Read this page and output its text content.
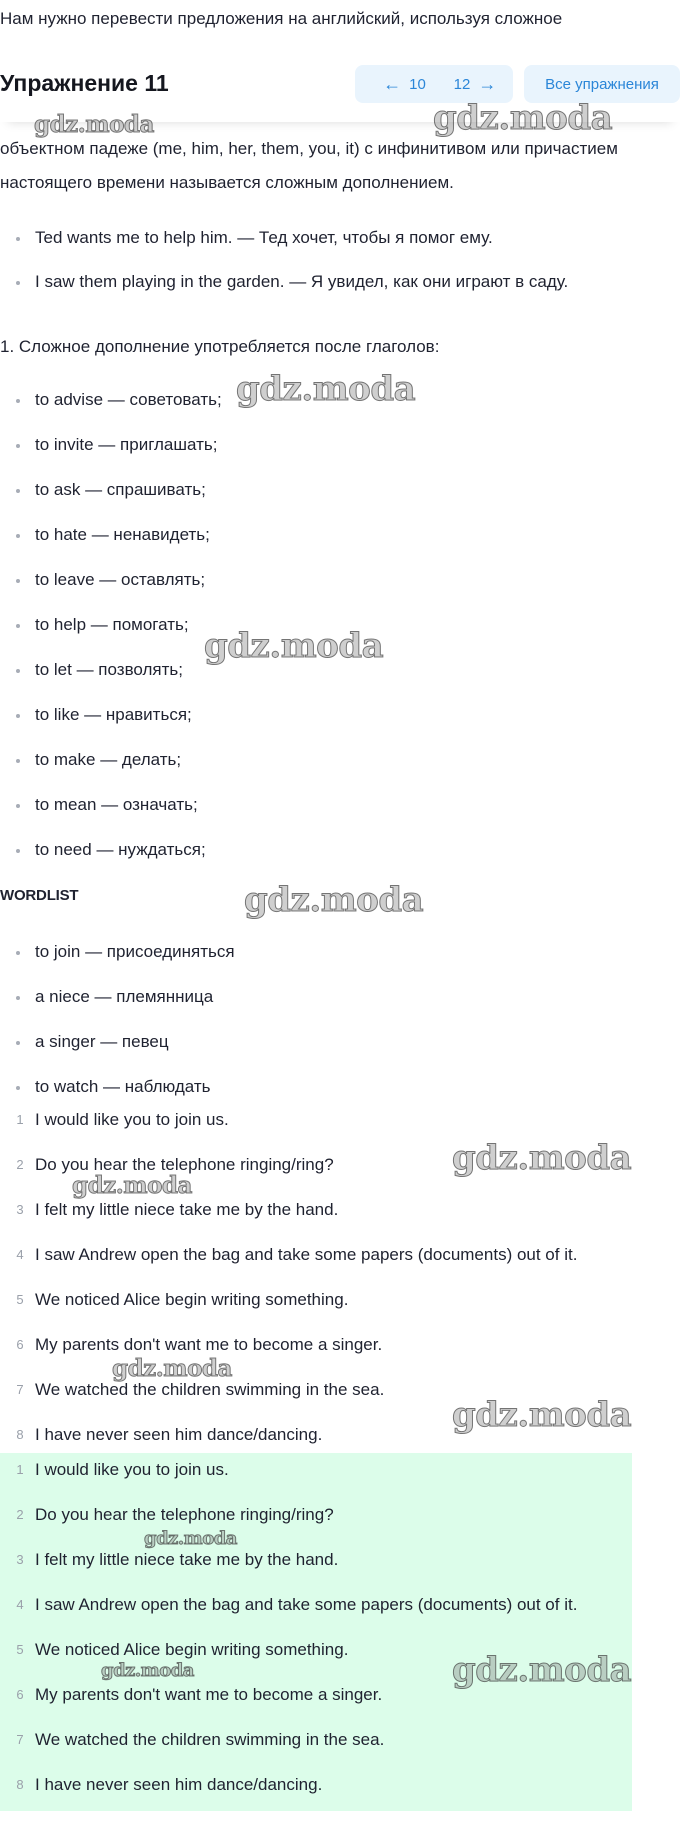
Нам нужно перевести предложения на английский, используя сложное
Упражнение 11	← 10 12 →	Все упражнения
объектном падеже (me, him, her, them, you, it) с инфинитивом или причастием
настоящего времени называется сложным дополнением.
Ted wants me to help him. — Тед хочет, чтобы я помог ему.
I saw them playing in the garden. — Я увидел, как они играют в саду.
1. Сложное дополнение употребляется после глаголов:
to advise — советовать;
to invite — приглашать;
to ask — спрашивать;
to hate — ненавидеть;
to leave — оставлять;
to help — помогать;
to let — позволять;
to like — нравиться;
to make — делать;
to mean — означать;
to need — нуждаться;
WORDLIST
to join — присоединяться
a niece — племянница
a singer — певец
to watch — наблюдать
1 I would like you to join us.
2 Do you hear the telephone ringing/ring?
3 I felt my little niece take me by the hand.
4 I saw Andrew open the bag and take some papers (documents) out of it.
5 We noticed Alice begin writing something.
6 My parents don't want me to become a singer.
7 We watched the children swimming in the sea.
8 I have never seen him dance/dancing.
1 I would like you to join us.
2 Do you hear the telephone ringing/ring?
3 I felt my little niece take me by the hand.
4 I saw Andrew open the bag and take some papers (documents) out of it.
5 We noticed Alice begin writing something.
6 My parents don't want me to become a singer.
7 We watched the children swimming in the sea.
8 I have never seen him dance/dancing.
gdz.moda	gdz.moda
gdz.moda
gdz.moda
gdz.moda
gdz.moda
gdz.moda
gdz.moda
gdz.moda
gdz.moda
gdz.moda	gdz.moda
